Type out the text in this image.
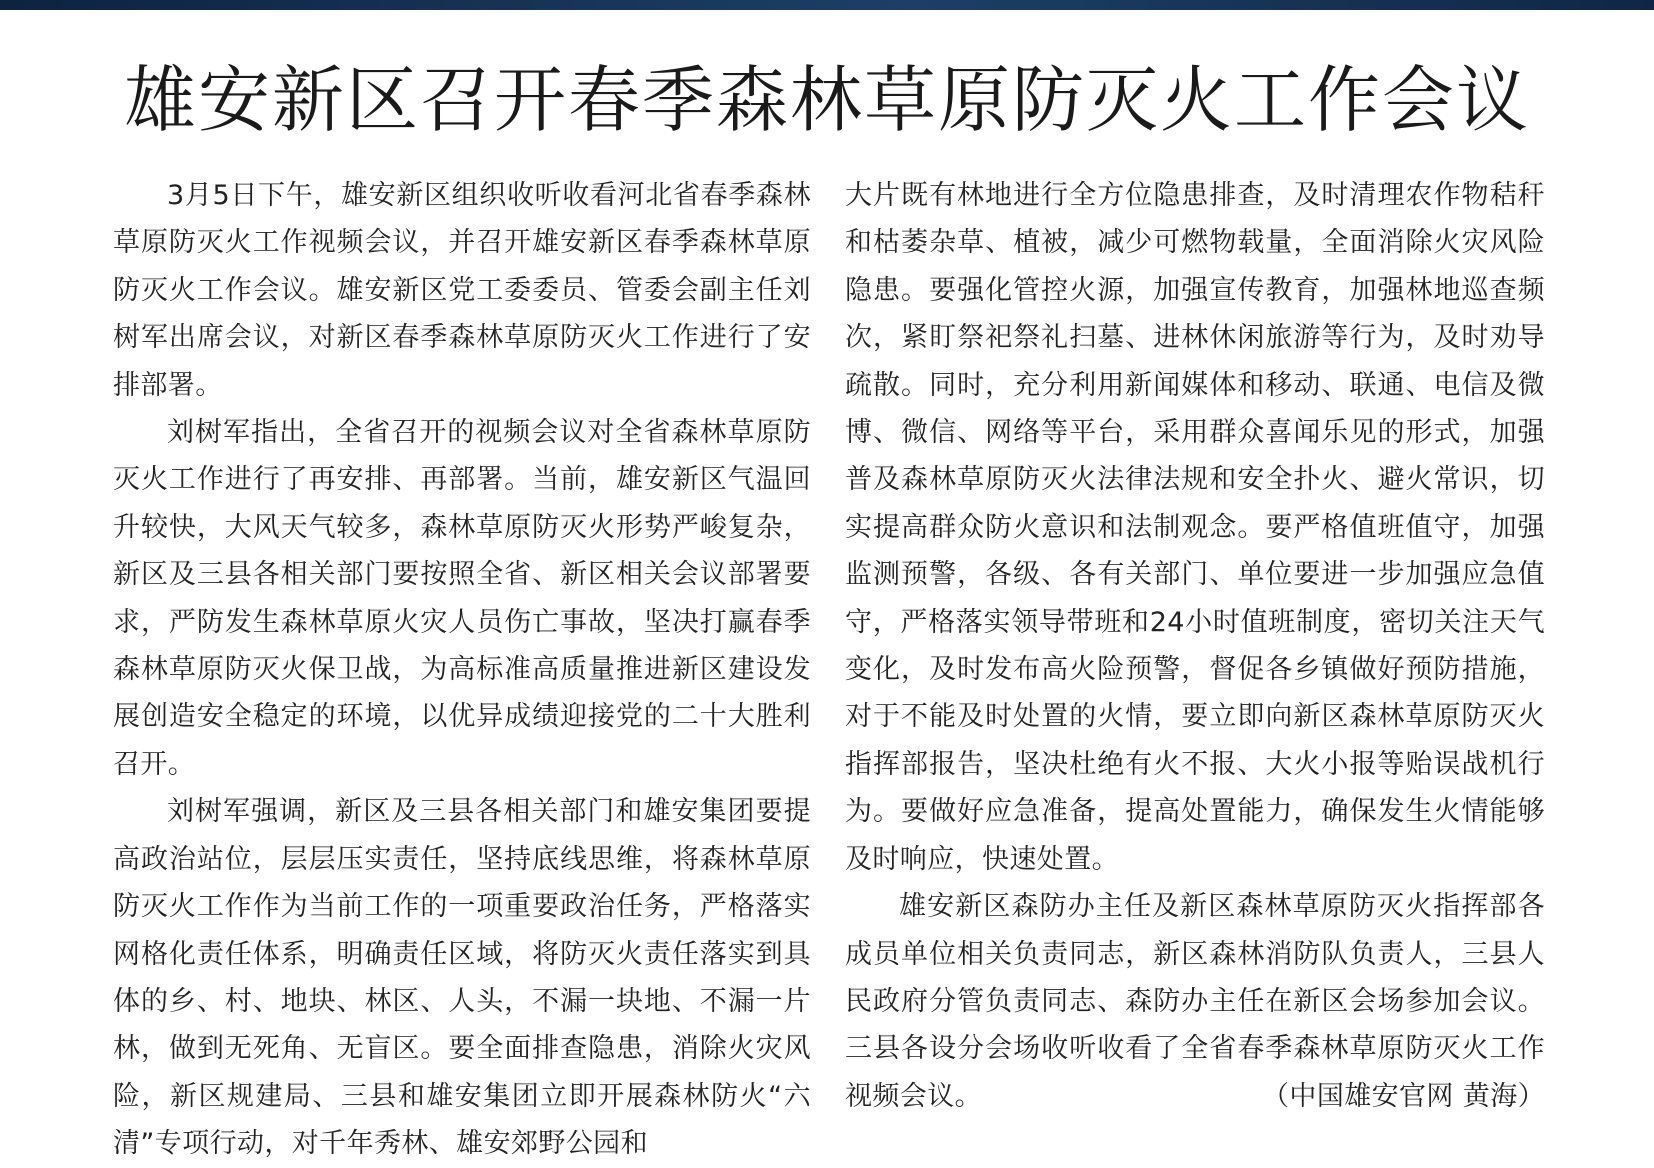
雄安新区召开春季森林草原防灭火工作会议

3月5日下午，雄安新区组织收听收看河北省春季森林草原防灭火工作视频会议，并召开雄安新区春季森林草原防灭火工作会议。雄安新区党工委委员、管委会副主任刘树军出席会议，对新区春季森林草原防灭火工作进行了安排部署。

刘树军指出，全省召开的视频会议对全省森林草原防灭火工作进行了再安排、再部署。当前，雄安新区气温回升较快，大风天气较多，森林草原防灭火形势严峻复杂，新区及三县各相关部门要按照全省、新区相关会议部署要求，严防发生森林草原火灾人员伤亡事故，坚决打赢春季森林草原防灭火保卫战，为高标准高质量推进新区建设发展创造安全稳定的环境，以优异成绩迎接党的二十大胜利召开。

刘树军强调，新区及三县各相关部门和雄安集团要提高政治站位，层层压实责任，坚持底线思维，将森林草原防灭火工作作为当前工作的一项重要政治任务，严格落实网格化责任体系，明确责任区域，将防灭火责任落实到具体的乡、村、地块、林区、人头，不漏一块地、不漏一片林，做到无死角、无盲区。要全面排查隐患，消除火灾风险，新区规建局、三县和雄安集团立即开展森林防火“六清”专项行动，对千年秀林、雄安郊野公园和

大片既有林地进行全方位隐患排查，及时清理农作物秸秆和枯萎杂草、植被，减少可燃物载量，全面消除火灾风险隐患。要强化管控火源，加强宣传教育，加强林地巡查频次，紧盯祭祀祭礼扫墓、进林休闲旅游等行为，及时劝导疏散。同时，充分利用新闻媒体和移动、联通、电信及微博、微信、网络等平台，采用群众喜闻乐见的形式，加强普及森林草原防灭火法律法规和安全扑火、避火常识，切实提高群众防火意识和法制观念。要严格值班值守，加强监测预警，各级、各有关部门、单位要进一步加强应急值守，严格落实领导带班和24小时值班制度，密切关注天气变化，及时发布高火险预警，督促各乡镇做好预防措施，对于不能及时处置的火情，要立即向新区森林草原防灭火指挥部报告，坚决杜绝有火不报、大火小报等贻误战机行为。要做好应急准备，提高处置能力，确保发生火情能够及时响应，快速处置。

雄安新区森防办主任及新区森林草原防灭火指挥部各成员单位相关负责同志，新区森林消防队负责人，三县人民政府分管负责同志、森防办主任在新区会场参加会议。三县各设分会场收听收看了全省春季森林草原防灭火工作视频会议。	（中国雄安官网 黄海）
